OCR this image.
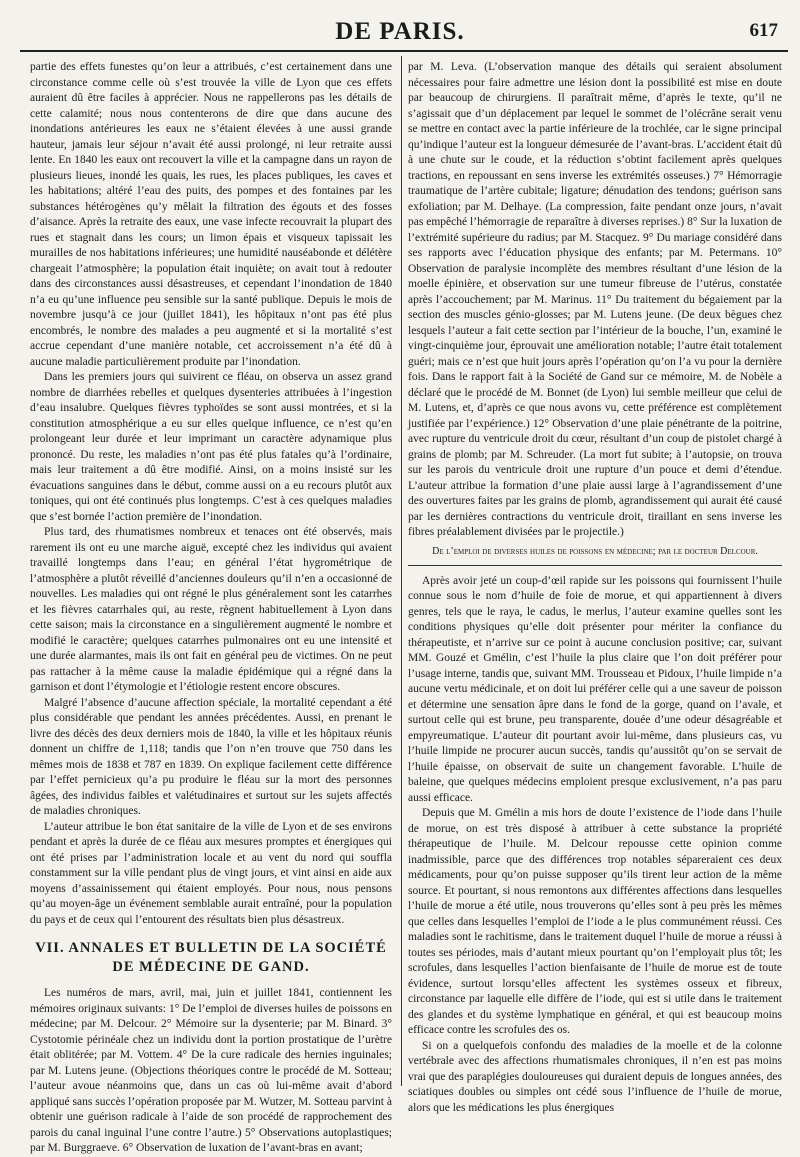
DE PARIS.	617

partie des effets funestes qu’on leur a attribués, c’est certainement dans une circonstance comme celle où s’est trouvée la ville de Lyon que ces effets auraient dû être faciles à apprécier. Nous ne rappellerons pas les détails de cette calamité; nous nous contenterons de dire que dans aucune des inondations antérieures les eaux ne s’étaient élevées à une aussi grande hauteur, jamais leur séjour n’avait été aussi prolongé, ni leur retraite aussi lente. En 1840 les eaux ont recouvert la ville et la campagne dans un rayon de plusieurs lieues, inondé les quais, les rues, les places publiques, les caves et les habitations; altéré l’eau des puits, des pompes et des fontaines par les substances hétérogènes qu’y mêlait la filtration des égouts et des fosses d’aisance. Après la retraite des eaux, une vase infecte recouvrait la plupart des rues et stagnait dans les cours; un limon épais et visqueux tapissait les murailles de nos habitations inférieures; une humidité nauséabonde et délétère chargeait l’atmosphère; la population était inquiète; on avait tout à redouter dans des circonstances aussi désastreuses, et cependant l’inondation de 1840 n’a eu qu’une influence peu sensible sur la santé publique. Depuis le mois de novembre jusqu’à ce jour (juillet 1841), les hôpitaux n’ont pas été plus encombrés, le nombre des malades a peu augmenté et si la mortalité s’est accrue cependant d’une manière notable, cet accroissement n’a été dû à aucune maladie particulièrement produite par l’inondation.

Dans les premiers jours qui suivirent ce fléau, on observa un assez grand nombre de diarrhées rebelles et quelques dysenteries attribuées à l’ingestion d’eau insalubre. Quelques fièvres typhoïdes se sont aussi montrées, et si la constitution atmosphérique a eu sur elles quelque influence, ce n’est qu’en prolongeant leur durée et leur imprimant un caractère adynamique plus prononcé. Du reste, les maladies n’ont pas été plus fatales qu’à l’ordinaire, mais leur traitement a dû être modifié. Ainsi, on a moins insisté sur les évacuations sanguines dans le début, comme aussi on a eu recours plutôt aux toniques, qui ont été continués plus longtemps. C’est à ces quelques maladies que s’est bornée l’action première de l’inondation.

Plus tard, des rhumatismes nombreux et tenaces ont été observés, mais rarement ils ont eu une marche aiguë, excepté chez les individus qui avaient travaillé longtemps dans l’eau; en général l’état hygrométrique de l’atmosphère a plutôt réveillé d’anciennes douleurs qu’il n’en a occasionné de nouvelles. Les maladies qui ont régné le plus généralement sont les catarrhes et les fièvres catarrhales qui, au reste, règnent habituellement à Lyon dans cette saison; mais la circonstance en a singulièrement augmenté le nombre et modifié le caractère; quelques catarrhes pulmonaires ont eu une intensité et une durée alarmantes, mais ils ont fait en général peu de victimes. On ne peut pas rattacher à la même cause la maladie épidémique qui a régné dans la garnison et dont l’étymologie et l’étiologie restent encore obscures.

Malgré l’absence d’aucune affection spéciale, la mortalité cependant a été plus considérable que pendant les années précédentes. Aussi, en prenant le livre des décès des deux derniers mois de 1840, la ville et les hôpitaux réunis donnent un chiffre de 1,118; tandis que l’on n’en trouve que 750 dans les mêmes mois de 1838 et 787 en 1839. On explique facilement cette différence par l’effet pernicieux qu’a pu produire le fléau sur la mort des personnes âgées, des individus faibles et valétudinaires et surtout sur les sujets affectés de maladies chroniques.

L’auteur attribue le bon état sanitaire de la ville de Lyon et de ses environs pendant et après la durée de ce fléau aux mesures promptes et énergiques qui ont été prises par l’administration locale et au vent du nord qui souffla constamment sur la ville pendant plus de vingt jours, et vint ainsi en aide aux moyens d’assainissement qui étaient employés. Pour nous, nous pensons qu’au moyen-âge un événement semblable aurait entraîné, pour la population du pays et de ceux qui l’entourent des résultats bien plus désastreux.

VII. ANNALES ET BULLETIN DE LA SOCIÉTÉ DE MÉDECINE DE GAND.

Les numéros de mars, avril, mai, juin et juillet 1841, contiennent les mémoires originaux suivants: 1° De l’emploi de diverses huiles de poissons en médecine; par M. Delcour. 2° Mémoire sur la dysenterie; par M. Binard. 3° Cystotomie périnéale chez un individu dont la portion prostatique de l’urètre était oblitérée; par M. Vottem. 4° De la cure radicale des hernies inguinales; par M. Lutens jeune. (Objections théoriques contre le procédé de M. Sotteau; l’auteur avoue néanmoins que, dans un cas où lui-même avait d’abord appliqué sans succès l’opération proposée par M. Wutzer, M. Sotteau parvint à obtenir une guérison radicale à l’aide de son procédé de rapprochement des parois du canal inguinal l’une contre l’autre.) 5° Observations autoplastiques; par M. Burggraeve. 6° Observation de luxation de l’avant-bras en avant;

par M. Leva. (L’observation manque des détails qui seraient absolument nécessaires pour faire admettre une lésion dont la possibilité est mise en doute par beaucoup de chirurgiens. Il paraîtrait même, d’après le texte, qu’il ne s’agissait que d’un déplacement par lequel le sommet de l’olécrâne serait venu se mettre en contact avec la partie inférieure de la trochlée, car le signe principal qu’indique l’auteur est la longueur démesurée de l’avant-bras. L’accident était dû à une chute sur le coude, et la réduction s’obtint facilement après quelques tractions, en repoussant en sens inverse les extrémités osseuses.) 7° Hémorragie traumatique de l’artère cubitale; ligature; dénudation des tendons; guérison sans exfoliation; par M. Delhaye. (La compression, faite pendant onze jours, n’avait pas empêché l’hémorragie de reparaître à diverses reprises.) 8° Sur la luxation de l’extrémité supérieure du radius; par M. Stacquez. 9° Du mariage considéré dans ses rapports avec l’éducation physique des enfants; par M. Petermans. 10° Observation de paralysie incomplète des membres résultant d’une lésion de la moelle épinière, et observation sur une tumeur fibreuse de l’utérus, constatée après l’accouchement; par M. Marinus. 11° Du traitement du bégaiement par la section des muscles génio-glosses; par M. Lutens jeune. (De deux bègues chez lesquels l’auteur a fait cette section par l’intérieur de la bouche, l’un, examiné le vingt-cinquième jour, éprouvait une amélioration notable; l’autre était totalement guéri; mais ce n’est que huit jours après l’opération qu’on l’a vu pour la dernière fois. Dans le rapport fait à la Société de Gand sur ce mémoire, M. de Nobèle a déclaré que le procédé de M. Bonnet (de Lyon) lui semble meilleur que celui de M. Lutens, et, d’après ce que nous avons vu, cette préférence est complètement justifiée par l’expérience.) 12° Observation d’une plaie pénétrante de la poitrine, avec rupture du ventricule droit du cœur, résultant d’un coup de pistolet chargé à grains de plomb; par M. Schreuder. (La mort fut subite; à l’autopsie, on trouva sur les parois du ventricule droit une rupture d’un pouce et demi d’étendue. L’auteur attribue la formation d’une plaie aussi large à l’agrandissement d’une des ouvertures faites par les grains de plomb, agrandissement qui aurait été causé par les dernières contractions du ventricule droit, tiraillant en sens inverse les fibres préalablement divisées par le projectile.)

De l’emploi de diverses huiles de poissons en médecine; par le docteur Delcour.

Après avoir jeté un coup-d’œil rapide sur les poissons qui fournissent l’huile connue sous le nom d’huile de foie de morue, et qui appartiennent à divers genres, tels que le raya, le cadus, le merlus, l’auteur examine quelles sont les conditions physiques qu’elle doit présenter pour mériter la confiance du thérapeutiste, et n’arrive sur ce point à aucune conclusion positive; car, suivant MM. Gouzé et Gmélin, c’est l’huile la plus claire que l’on doit préférer pour l’usage interne, tandis que, suivant MM. Trousseau et Pidoux, l’huile limpide n’a aucune vertu médicinale, et on doit lui préférer celle qui a une saveur de poisson et détermine une sensation âpre dans le fond de la gorge, quand on l’avale, et surtout celle qui est brune, peu transparente, douée d’une odeur désagréable et empyreumatique. L’auteur dit pourtant avoir lui-même, dans plusieurs cas, vu l’huile limpide ne procurer aucun succès, tandis qu’aussitôt qu’on se servait de l’huile épaisse, on observait de suite un changement favorable. L’huile de baleine, que quelques médecins emploient presque exclusivement, n’a pas paru aussi efficace.

Depuis que M. Gmélin a mis hors de doute l’existence de l’iode dans l’huile de morue, on est très disposé à attribuer à cette substance la propriété thérapeutique de l’huile. M. Delcour repousse cette opinion comme inadmissible, parce que des différences trop notables sépareraient ces deux médicaments, pour qu’on puisse supposer qu’ils tirent leur action de la même source. Et pourtant, si nous remontons aux différentes affections dans lesquelles l’huile de morue a été utile, nous trouverons qu’elles sont à peu près les mêmes que celles dans lesquelles l’emploi de l’iode a le plus communément réussi. Ces maladies sont le rachitisme, dans le traitement duquel l’huile de morue a réussi à toutes ses périodes, mais d’autant mieux pourtant qu’on l’employait plus tôt; les scrofules, dans lesquelles l’action bienfaisante de l’huile de morue est de toute évidence, surtout lorsqu’elles affectent les systèmes osseux et fibreux, circonstance par laquelle elle diffère de l’iode, qui est si utile dans le traitement des glandes et du système lymphatique en général, et qui est beaucoup moins efficace contre les scrofules des os.

Si on a quelquefois confondu des maladies de la moelle et de la colonne vertébrale avec des affections rhumatismales chroniques, il n’en est pas moins vrai que des paraplégies douloureuses qui duraient depuis de longues années, des sciatiques doubles ou simples ont cédé sous l’influence de l’huile de morue, alors que les médications les plus énergiques
